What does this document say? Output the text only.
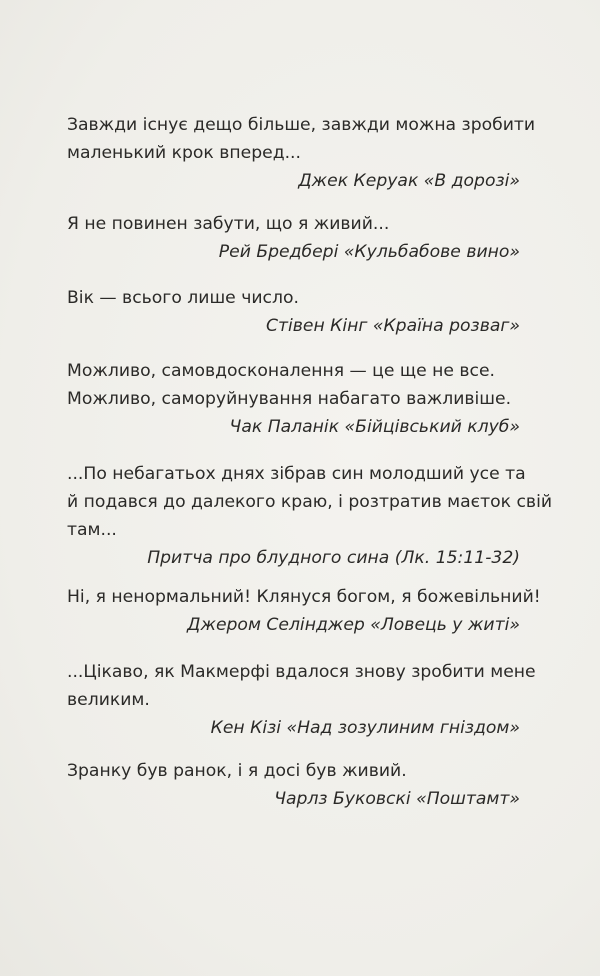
Завжди існує дещо більше, завжди можна зробити
маленький крок вперед...
Джек Керуак «В дорозі»
Я не повинен забути, що я живий...
Рей Бредбері «Кульбабове вино»
Вік — всього лише число.
Стівен Кінг «Країна розваг»
Можливо, самовдосконалення — це ще не все.
Можливо, саморуйнування набагато важливіше.
Чак Паланік «Бійцівський клуб»
...По небагатьох днях зібрав син молодший усе та
й подався до далекого краю, і розтратив маєток свій
там...
Притча про блудного сина (Лк. 15:11-32)
Ні, я ненормальний! Клянуся богом, я божевільний!
Джером Селінджер «Ловець у житі»
...Цікаво, як Макмерфі вдалося знову зробити мене
великим.
Кен Кізі «Над зозулиним гніздом»
Зранку був ранок, і я досі був живий.
Чарлз Буковскі «Поштамт»
